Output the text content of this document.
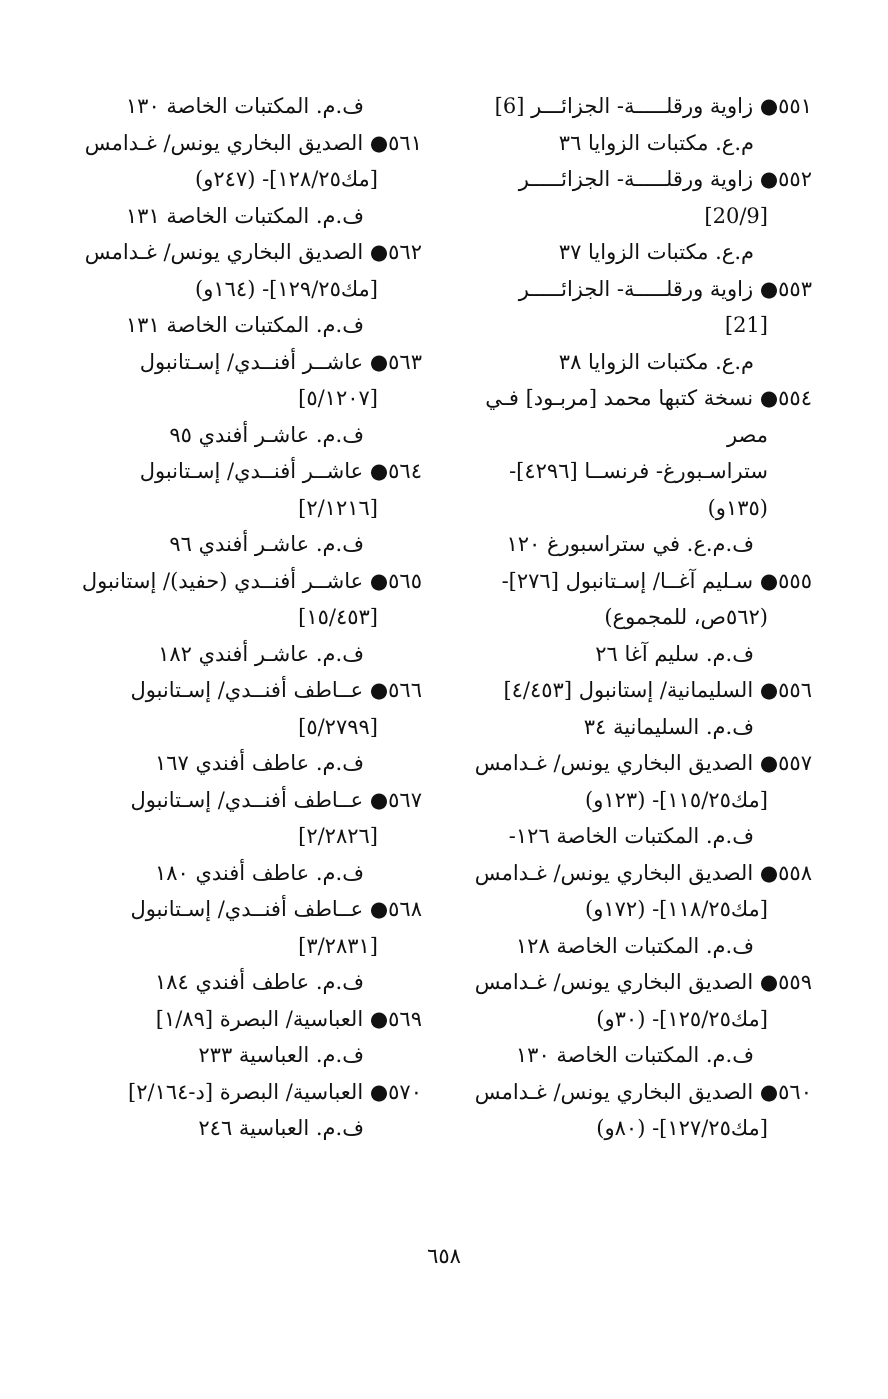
٥٥١● زاوية ورقلـــــة- الجزائـــر [6]
م.ع. مكتبات الزوايا ٣٦
٥٥٢● زاوية ورقلـــــة- الجزائـــــر
[20/9]
م.ع. مكتبات الزوايا ٣٧
٥٥٣● زاوية ورقلـــــة- الجزائـــــر
[21]
م.ع. مكتبات الزوايا ٣٨
٥٥٤● نسخة كتبها محمد [مربـود] فـي
مصر
ستراسـبورغ- فرنســا [٤٢٩٦]-
(١٣٥و)
ف.م.ع. في ستراسبورغ ١٢٠
٥٥٥● سـليم آغــا/ إسـتانبول [٢٧٦]-
(٥٦٢ص، للمجموع)
ف.م. سليم آغا ٢٦
٥٥٦● السليمانية/ إستانبول [٤/٤٥٣]
ف.م. السليمانية ٣٤
٥٥٧● الصديق البخاري يونس/ غـدامس
[مك١١٥/٢٥]- (١٢٣و)
ف.م. المكتبات الخاصة ١٢٦-
٥٥٨● الصديق البخاري يونس/ غـدامس
[مك١١٨/٢٥]- (١٧٢و)
ف.م. المكتبات الخاصة ١٢٨
٥٥٩● الصديق البخاري يونس/ غـدامس
[مك١٢٥/٢٥]- (٣٠و)
ف.م. المكتبات الخاصة ١٣٠
٥٦٠● الصديق البخاري يونس/ غـدامس
[مك١٢٧/٢٥]- (٨٠و)
ف.م. المكتبات الخاصة ١٣٠
٥٦١● الصديق البخاري يونس/ غـدامس
[مك١٢٨/٢٥]- (٢٤٧و)
ف.م. المكتبات الخاصة ١٣١
٥٦٢● الصديق البخاري يونس/ غـدامس
[مك١٢٩/٢٥]- (١٦٤و)
ف.م. المكتبات الخاصة ١٣١
٥٦٣● عاشــر أفنــدي/ إسـتانبول
[٥/١٢٠٧]
ف.م. عاشـر أفندي ٩٥
٥٦٤● عاشــر أفنــدي/ إسـتانبول
[٢/١٢١٦]
ف.م. عاشـر أفندي ٩٦
٥٦٥● عاشــر أفنــدي (حفيد)/ إستانبول
[١٥/٤٥٣]
ف.م. عاشـر أفندي ١٨٢
٥٦٦● عــاطف أفنــدي/ إسـتانبول
[٥/٢٧٩٩]
ف.م. عاطف أفندي ١٦٧
٥٦٧● عــاطف أفنــدي/ إسـتانبول
[٢/٢٨٢٦]
ف.م. عاطف أفندي ١٨٠
٥٦٨● عــاطف أفنــدي/ إسـتانبول
[٣/٢٨٣١]
ف.م. عاطف أفندي ١٨٤
٥٦٩● العباسية/ البصرة [١/٨٩]
ف.م. العباسية ٢٣٣
٥٧٠● العباسية/ البصرة [د-٢/١٦٤]
ف.م. العباسية ٢٤٦
٦٥٨
